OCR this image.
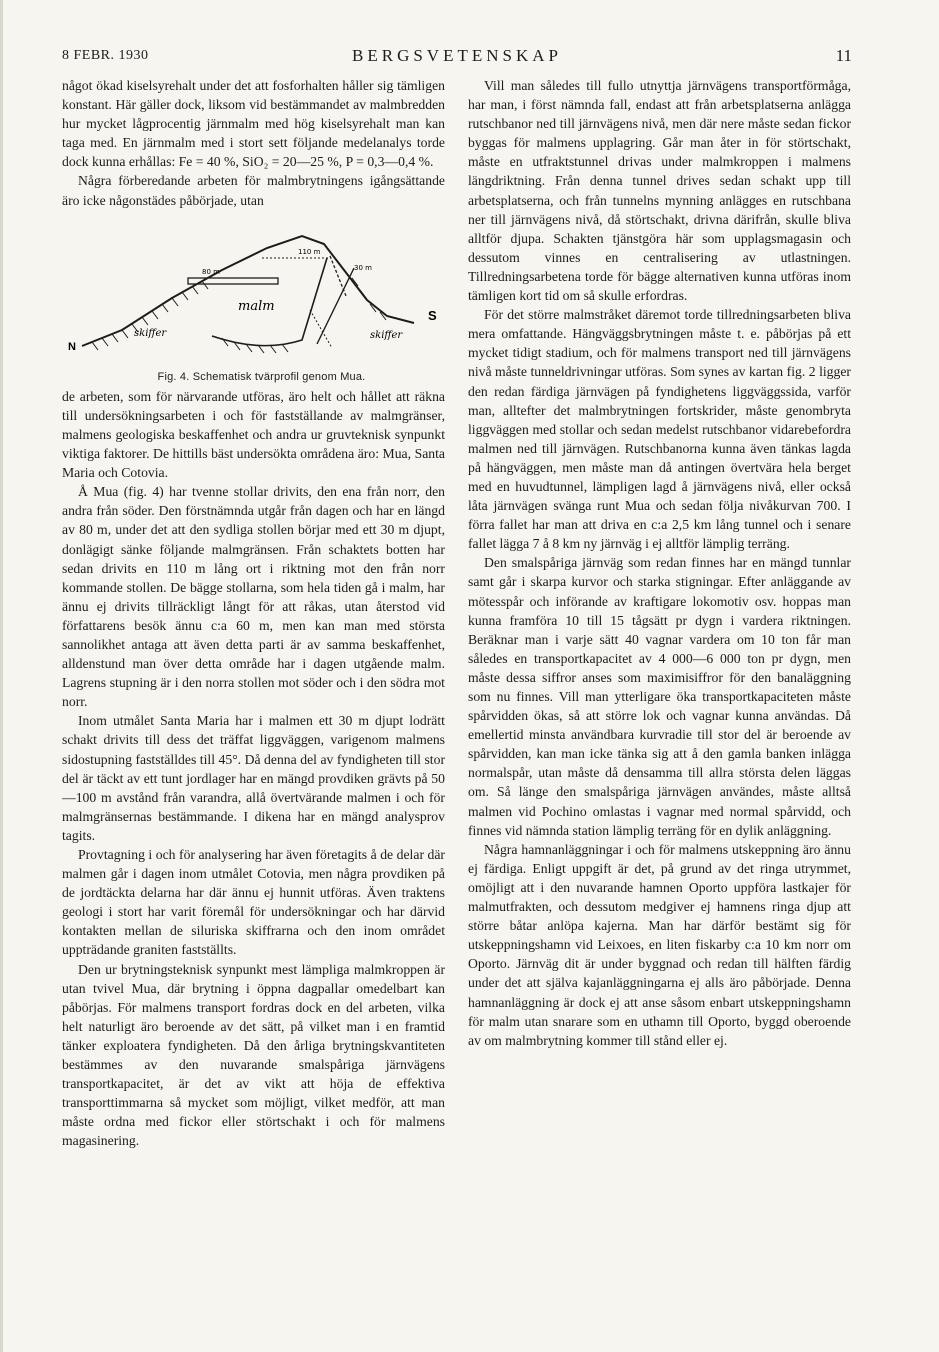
8 FEBR. 1930	BERGSVETENSKAP	11

något ökad kiselsyrehalt under det att fosforhalten håller sig tämligen konstant. Här gäller dock, liksom vid bestämmandet av malmbredden hur mycket lågprocentig järnmalm med hög kiselsyrehalt man kan taga med. En järnmalm med i stort sett följande medelanalys torde dock kunna erhållas: Fe = 40 %, SiO₂ = 20—25 %, P = 0,3—0,4 %.

Några förberedande arbeten för malmbrytningens igångsättande äro icke någonstädes påbörjade, utan

N
S
malm
skiffer	skiffer
80 m
110 m
30 m

Fig. 4. Schematisk tvärprofil genom Mua.

de arbeten, som för närvarande utföras, äro helt och hållet att räkna till undersökningsarbeten i och för fastställande av malmgränser, malmens geologiska beskaffenhet och andra ur gruvteknisk synpunkt viktiga faktorer. De hittills bäst undersökta områdena äro: Mua, Santa Maria och Cotovia.

Å Mua (fig. 4) har tvenne stollar drivits, den ena från norr, den andra från söder. Den förstnämnda utgår från dagen och har en längd av 80 m, under det att den sydliga stollen börjar med ett 30 m djupt, donlägigt sänke följande malmgränsen. Från schaktets botten har sedan drivits en 110 m lång ort i riktning mot den från norr kommande stollen. De bägge stollarna, som hela tiden gå i malm, har ännu ej drivits tillräckligt långt för att råkas, utan återstod vid författarens besök ännu c:a 60 m, men kan man med största sannolikhet antaga att även detta parti är av samma beskaffenhet, alldenstund man över detta område har i dagen utgående malm. Lagrens stupning är i den norra stollen mot söder och i den södra mot norr.

Inom utmålet Santa Maria har i malmen ett 30 m djupt lodrätt schakt drivits till dess det träffat liggväggen, varigenom malmens sidostupning fastställdes till 45°. Då denna del av fyndigheten till stor del är täckt av ett tunt jordlager har en mängd provdiken grävts på 50—100 m avstånd från varandra, allå övertvärande malmen i och för malmgränsernas bestämmande. I dikena har en mängd analysprov tagits.

Provtagning i och för analysering har även företagits å de delar där malmen går i dagen inom utmålet Cotovia, men några provdiken på de jordtäckta delarna har där ännu ej hunnit utföras. Även traktens geologi i stort har varit föremål för undersökningar och har därvid kontakten mellan de siluriska skiffrarna och den inom området uppträdande graniten fastställts.

Den ur brytningsteknisk synpunkt mest lämpliga malmkroppen är utan tvivel Mua, där brytning i öppna dagpallar omedelbart kan påbörjas. För malmens transport fordras dock en del arbeten, vilka helt naturligt äro beroende av det sätt, på vilket man i en framtid tänker exploatera fyndigheten. Då den årliga brytningskvantiteten bestämmes av den nuvarande smalspåriga järnvägens transportkapacitet, är det av vikt att höja de effektiva transporttimmarna så mycket som möjligt, vilket medför, att man måste ordna med fickor eller störtschakt i och för malmens magasinering.

Vill man således till fullo utnyttja järnvägens transportförmåga, har man, i först nämnda fall, endast att från arbetsplatserna anlägga rutschbanor ned till järnvägens nivå, men där nere måste sedan fickor byggas för malmens upplagring. Går man åter in för störtschakt, måste en utfraktstunnel drivas under malmkroppen i malmens längdriktning. Från denna tunnel drives sedan schakt upp till arbetsplatserna, och från tunnelns mynning anlägges en rutschbana ner till järnvägens nivå, då störtschakt, drivna därifrån, skulle bliva alltför djupa. Schakten tjänstgöra här som upplagsmagasin och dessutom vinnes en centralisering av utlastningen. Tillredningsarbetena torde för bägge alternativen kunna utföras inom tämligen kort tid om så skulle erfordras.

För det större malmstråket däremot torde tillredningsarbeten bliva mera omfattande. Hängväggsbrytningen måste t. e. påbörjas på ett mycket tidigt stadium, och för malmens transport ned till järnvägens nivå måste tunneldrivningar utföras. Som synes av kartan fig. 2 ligger den redan färdiga järnvägen på fyndighetens liggväggssida, varför man, alltefter det malmbrytningen fortskrider, måste genombryta liggväggen med stollar och sedan medelst rutschbanor vidarebefordra malmen ned till järnvägen. Rutschbanorna kunna även tänkas lagda på hängväggen, men måste man då antingen övertvära hela berget med en huvudtunnel, lämpligen lagd å järnvägens nivå, eller också låta järnvägen svänga runt Mua och sedan följa nivåkurvan 700. I förra fallet har man att driva en c:a 2,5 km lång tunnel och i senare fallet lägga 7 å 8 km ny järnväg i ej alltför lämplig terräng.

Den smalspåriga järnväg som redan finnes har en mängd tunnlar samt går i skarpa kurvor och starka stigningar. Efter anläggande av mötesspår och införande av kraftigare lokomotiv osv. hoppas man kunna framföra 10 till 15 tågsätt pr dygn i vardera riktningen. Beräknar man i varje sätt 40 vagnar vardera om 10 ton får man således en transportkapacitet av 4 000—6 000 ton pr dygn, men måste dessa siffror anses som maximisiffror för den banaläggning som nu finnes. Vill man ytterligare öka transportkapaciteten måste spårvidden ökas, så att större lok och vagnar kunna användas. Då emellertid minsta användbara kurvradie till stor del är beroende av spårvidden, kan man icke tänka sig att å den gamla banken inlägga normalspår, utan måste då densamma till allra största delen läggas om. Så länge den smalspåriga järnvägen användes, måste alltså malmen vid Pochino omlastas i vagnar med normal spårvidd, och finnes vid nämnda station lämplig terräng för en dylik anläggning.

Några hamnanläggningar i och för malmens utskeppning äro ännu ej färdiga. Enligt uppgift är det, på grund av det ringa utrymmet, omöjligt att i den nuvarande hamnen Oporto uppföra lastkajer för malmutfrakten, och dessutom medgiver ej hamnens ringa djup att större båtar anlöpa kajerna. Man har därför bestämt sig för utskeppningshamn vid Leixoes, en liten fiskarby c:a 10 km norr om Oporto. Järnväg dit är under byggnad och redan till hälften färdig under det att själva kajanläggningarna ej alls äro påbörjade. Denna hamnanläggning är dock ej att anse såsom enbart utskeppningshamn för malm utan snarare som en uthamn till Oporto, byggd oberoende av om malmbrytning kommer till stånd eller ej.
